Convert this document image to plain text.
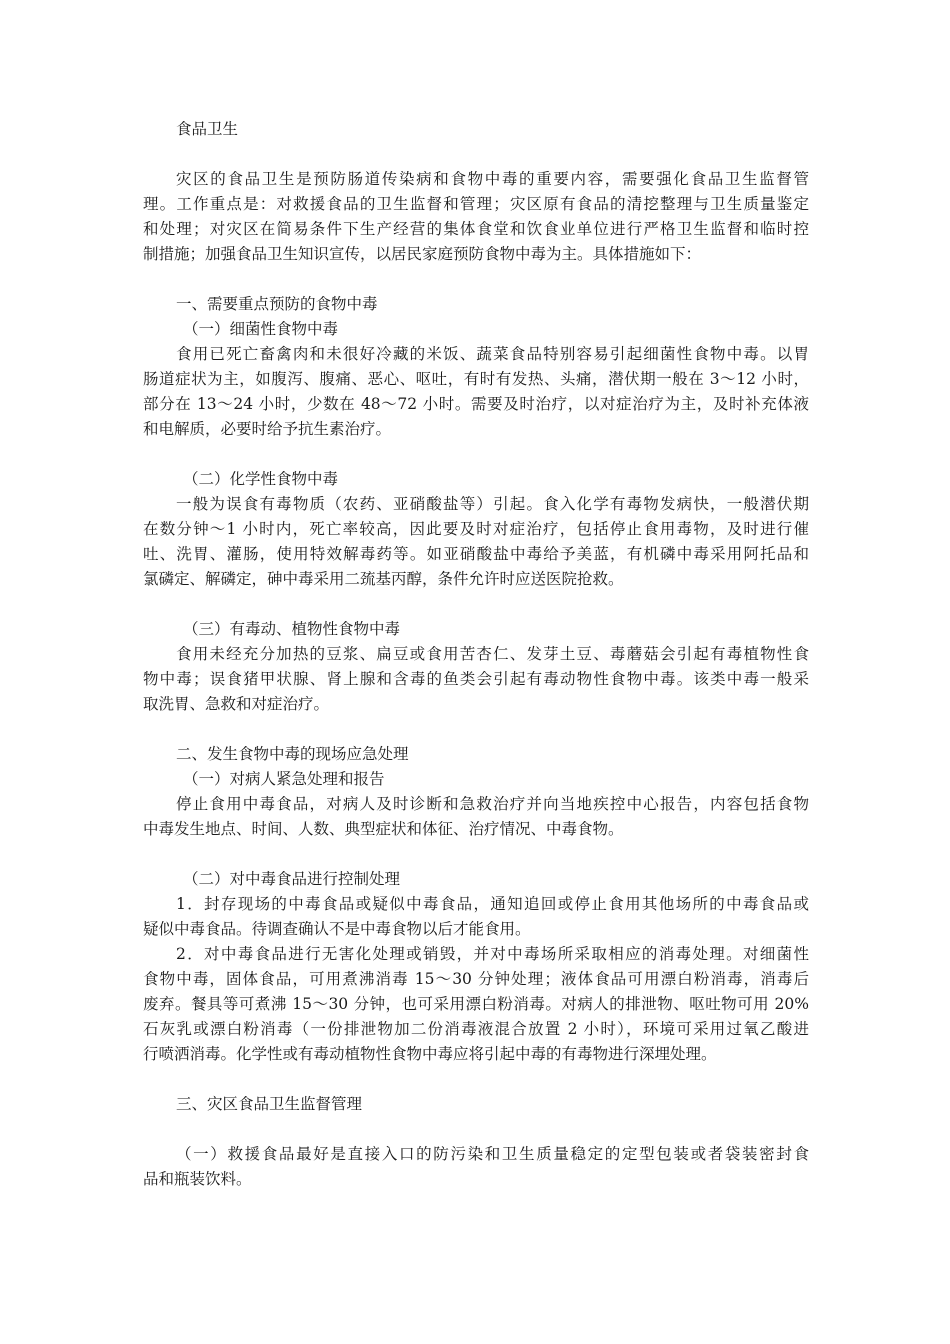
食品卫生

灾区的食品卫生是预防肠道传染病和食物中毒的重要内容，需要强化食品卫生监督管

理。工作重点是：对救援食品的卫生监督和管理；灾区原有食品的清挖整理与卫生质量鉴定

和处理；对灾区在简易条件下生产经营的集体食堂和饮食业单位进行严格卫生监督和临时控

制措施；加强食品卫生知识宣传，以居民家庭预防食物中毒为主。具体措施如下：

一、需要重点预防的食物中毒

（一）细菌性食物中毒

食用已死亡畜禽肉和未很好冷藏的米饭、蔬菜食品特别容易引起细菌性食物中毒。以胃

肠道症状为主，如腹泻、腹痛、恶心、呕吐，有时有发热、头痛，潜伏期一般在 3～12 小时，

部分在 13～24 小时，少数在 48～72 小时。需要及时治疗，以对症治疗为主，及时补充体液

和电解质，必要时给予抗生素治疗。

（二）化学性食物中毒

一般为误食有毒物质（农药、亚硝酸盐等）引起。食入化学有毒物发病快，一般潜伏期

在数分钟～1 小时内，死亡率较高，因此要及时对症治疗，包括停止食用毒物，及时进行催

吐、洗胃、灌肠，使用特效解毒药等。如亚硝酸盐中毒给予美蓝，有机磷中毒采用阿托品和

氯磷定、解磷定，砷中毒采用二巯基丙醇，条件允许时应送医院抢救。

（三）有毒动、植物性食物中毒

食用未经充分加热的豆浆、扁豆或食用苦杏仁、发芽土豆、毒蘑菇会引起有毒植物性食

物中毒；误食猪甲状腺、肾上腺和含毒的鱼类会引起有毒动物性食物中毒。该类中毒一般采

取洗胃、急救和对症治疗。

二、发生食物中毒的现场应急处理

（一）对病人紧急处理和报告

停止食用中毒食品，对病人及时诊断和急救治疗并向当地疾控中心报告，内容包括食物

中毒发生地点、时间、人数、典型症状和体征、治疗情况、中毒食物。

（二）对中毒食品进行控制处理

1．封存现场的中毒食品或疑似中毒食品，通知追回或停止食用其他场所的中毒食品或

疑似中毒食品。待调查确认不是中毒食物以后才能食用。

2．对中毒食品进行无害化处理或销毁，并对中毒场所采取相应的消毒处理。对细菌性

食物中毒，固体食品，可用煮沸消毒 15～30 分钟处理；液体食品可用漂白粉消毒，消毒后

废弃。餐具等可煮沸 15～30 分钟，也可采用漂白粉消毒。对病人的排泄物、呕吐物可用 20%

石灰乳或漂白粉消毒（一份排泄物加二份消毒液混合放置 2 小时），环境可采用过氧乙酸进

行喷洒消毒。化学性或有毒动植物性食物中毒应将引起中毒的有毒物进行深埋处理。

三、灾区食品卫生监督管理

（一）救援食品最好是直接入口的防污染和卫生质量稳定的定型包装或者袋装密封食

品和瓶装饮料。
